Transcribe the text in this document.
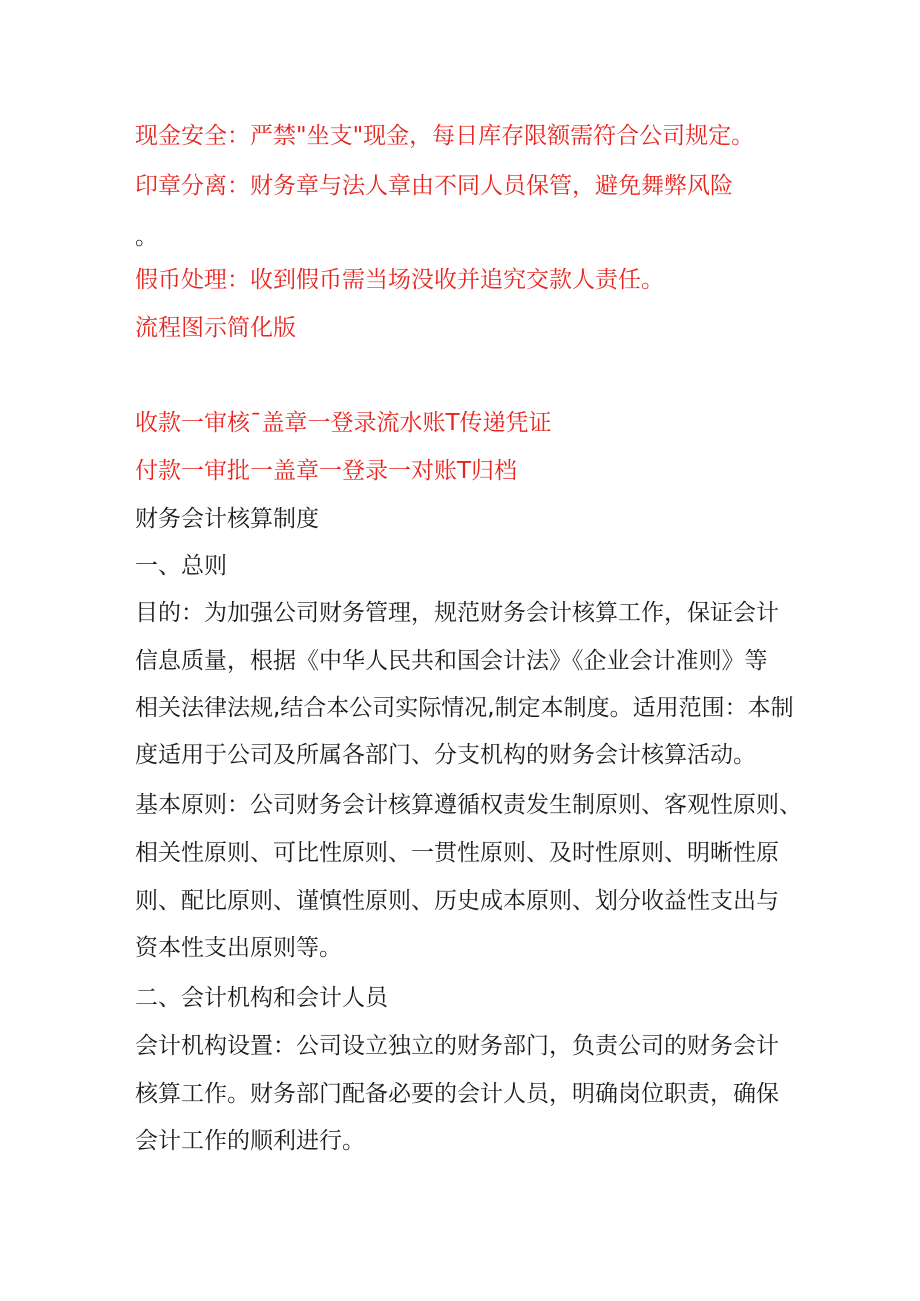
现金安全：严禁"坐支"现金，每日库存限额需符合公司规定。
印章分离：财务章与法人章由不同人员保管，避免舞弊风险
。
假币处理：收到假币需当场没收并追究交款人责任。
流程图示简化版
收款一审核¯盖章一登录流水账T传递凭证
付款一审批一盖章一登录一对账T归档
财务会计核算制度
一、总则
目的：为加强公司财务管理，规范财务会计核算工作，保证会计
信息质量，根据《中华人民共和国会计法》《企业会计准则》等
相关法律法规,结合本公司实际情况,制定本制度。适用范围：本制
度适用于公司及所属各部门、分支机构的财务会计核算活动。
基本原则：公司财务会计核算遵循权责发生制原则、客观性原则、
相关性原则、可比性原则、一贯性原则、及时性原则、明晰性原
则、配比原则、谨慎性原则、历史成本原则、划分收益性支出与
资本性支出原则等。
二、会计机构和会计人员
会计机构设置：公司设立独立的财务部门，负责公司的财务会计
核算工作。财务部门配备必要的会计人员，明确岗位职责，确保
会计工作的顺利进行。
